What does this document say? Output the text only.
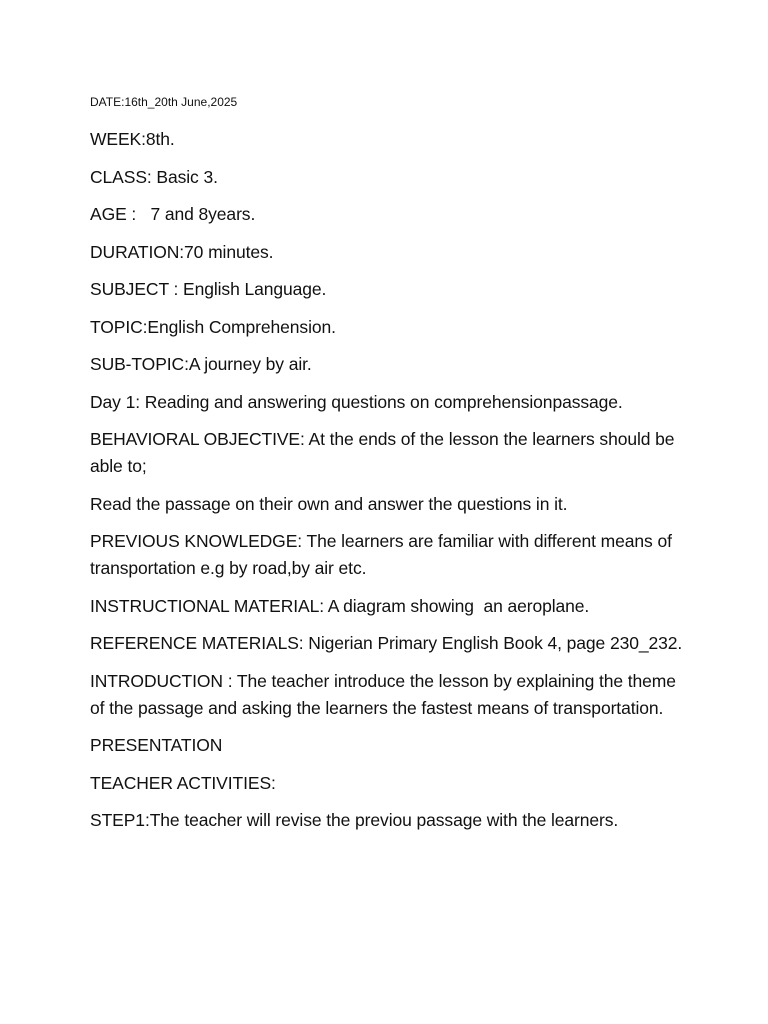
DATE:16th_20th June,2025

WEEK:8th.

CLASS: Basic 3.

AGE :   7 and 8years.

DURATION:70 minutes.

SUBJECT : English Language.

TOPIC:English Comprehension.

SUB-TOPIC:A journey by air.

Day 1: Reading and answering questions on comprehensionpassage.

BEHAVIORAL OBJECTIVE: At the ends of the lesson the learners should be able to;

Read the passage on their own and answer the questions in it.

PREVIOUS KNOWLEDGE: The learners are familiar with different means of transportation e.g by road,by air etc.

INSTRUCTIONAL MATERIAL: A diagram showing  an aeroplane.

REFERENCE MATERIALS: Nigerian Primary English Book 4, page 230_232.

INTRODUCTION : The teacher introduce the lesson by explaining the theme of the passage and asking the learners the fastest means of transportation.

PRESENTATION

TEACHER ACTIVITIES:

STEP1:The teacher will revise the previou passage with the learners.
